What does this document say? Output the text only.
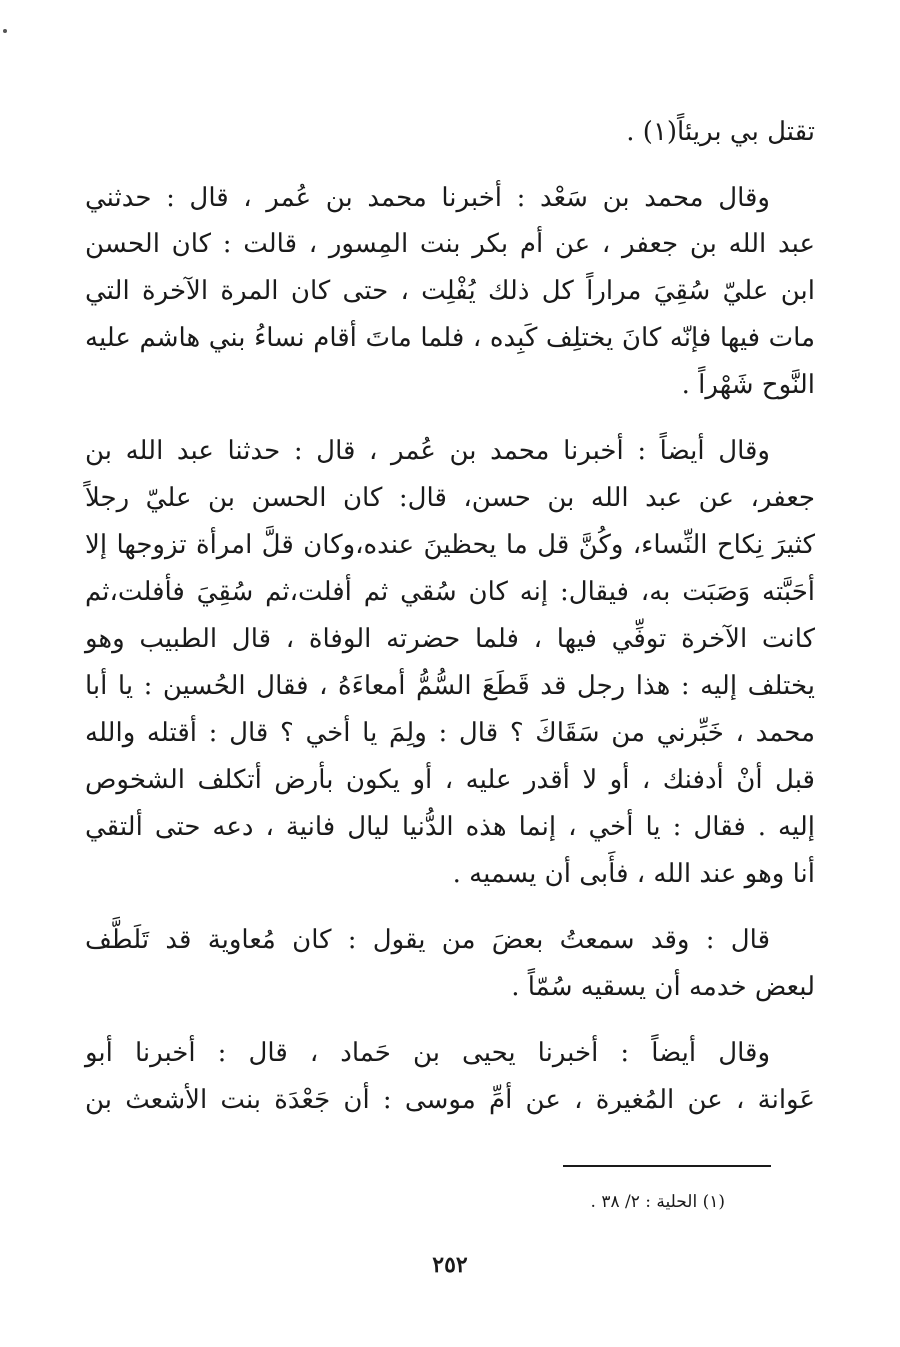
تقتل بي بريئاً(١) .
وقال محمد بن سَعْد : أخبرنا محمد بن عُمر ، قال : حدثني
عبد الله بن جعفر ، عن أم بكر بنت المِسور ، قالت : كان الحسن
ابن عليّ سُقِيَ مراراً كل ذلك يُفْلِت ، حتى كان المرة الآخرة التي
مات فيها فإنّه كانَ يختلِف كَبِده ، فلما ماتَ أقام نساءُ بني هاشم عليه
النَّوح شَهْراً .
وقال أيضاً : أخبرنا محمد بن عُمر ، قال : حدثنا عبد الله بن
جعفر، عن عبد الله بن حسن، قال: كان الحسن بن عليّ رجلاً
كثيرَ نِكاح النِّساء، وكُنَّ قل ما يحظينَ عنده،وكان قلَّ امرأة تزوجها إلا
أحَبَّته وَصَبَت به، فيقال: إنه كان سُقي ثم أفلت،ثم سُقِيَ فأفلت،ثم
كانت الآخرة توفِّي فيها ، فلما حضرته الوفاة ، قال الطبيب وهو
يختلف إليه : هذا رجل قد قَطَعَ السُّمُّ أمعاءَهُ ، فقال الحُسين : يا أبا
محمد ، خَبِّرني من سَقَاكَ ؟ قال : ولِمَ يا أخي ؟ قال : أقتله والله
قبل أنْ أدفنك ، أو لا أقدر عليه ، أو يكون بأرض أتكلف الشخوص
إليه . فقال : يا أخي ، إنما هذه الدُّنيا ليال فانية ، دعه حتى ألتقي
أنا وهو عند الله ، فأَبى أن يسميه .
قال : وقد سمعتُ بعضَ من يقول : كان مُعاوية قد تَلَطَّف
لبعض خدمه أن يسقيه سُمّاً .
وقال أيضاً : أخبرنا يحيى بن حَماد ، قال : أخبرنا أبو
عَوانة ، عن المُغيرة ، عن أمِّ موسى : أن جَعْدَة بنت الأشعث بن
(١) الحلية : ٢/ ٣٨ .
٢٥٢
